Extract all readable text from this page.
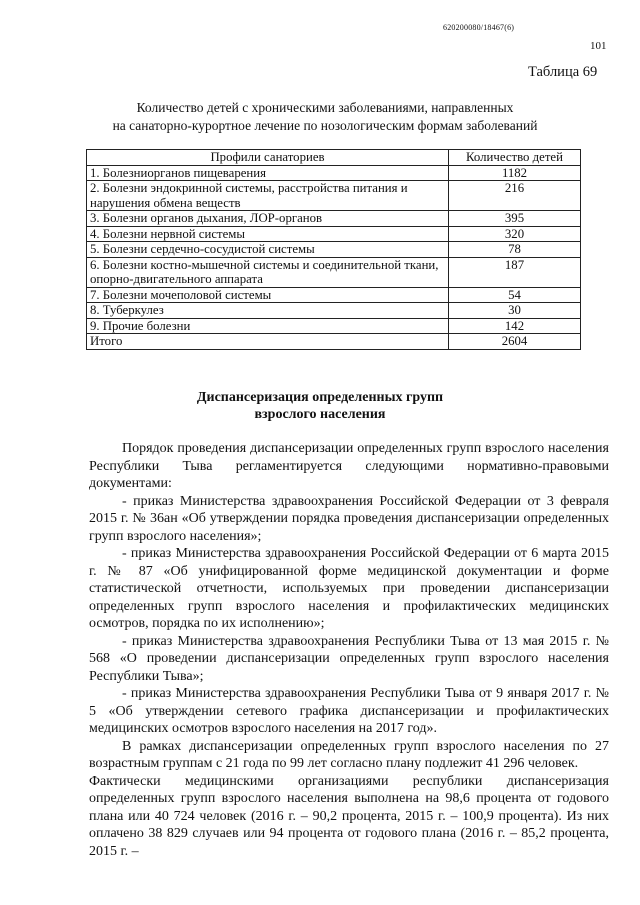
620200080/18467(6)
101
Таблица 69
Количество детей с хроническими заболеваниями, направленных
на санаторно-курортное лечение по нозологическим формам заболеваний
Профили санаториев	Количество детей
1. Болезниорганов пищеварения	1182
2. Болезни эндокринной системы, расстройства питания и нарушения обмена веществ	216
3. Болезни органов дыхания, ЛОР-органов	395
4. Болезни нервной системы	320
5. Болезни сердечно-сосудистой системы	78
6. Болезни костно-мышечной системы и соединительной ткани, опорно-двигательного аппарата	187
7. Болезни мочеполовой системы	54
8. Туберкулез	30
9. Прочие болезни	142
Итого	2604
Диспансеризация определенных групп
взрослого населения

Порядок проведения диспансеризации определенных групп взрослого населения Республики Тыва регламентируется следующими нормативно-правовыми документами:

- приказ Министерства здравоохранения Российской Федерации от 3 февраля 2015 г. № 36ан «Об утверждении порядка проведения диспансеризации определенных групп взрослого населения»;

- приказ Министерства здравоохранения Российской Федерации от 6 марта 2015 г. № 87 «Об унифицированной форме медицинской документации и форме статистической отчетности, используемых при проведении диспансеризации определенных групп взрослого населения и профилактических медицинских осмотров, порядка по их исполнению»;

- приказ Министерства здравоохранения Республики Тыва от 13 мая 2015 г. № 568 «О проведении диспансеризации определенных групп взрослого населения Республики Тыва»;

- приказ Министерства здравоохранения Республики Тыва от 9 января 2017 г. № 5 «Об утверждении сетевого графика диспансеризации и профилактических медицинских осмотров взрослого населения на 2017 год».

В рамках диспансеризации определенных групп взрослого населения по 27 возрастным группам с 21 года по 99 лет согласно плану подлежит 41 296 человек.

Фактически медицинскими организациями республики диспансеризация определенных групп взрослого населения выполнена на 98,6 процента от годового плана или 40 724 человек (2016 г. – 90,2 процента, 2015 г. – 100,9 процента). Из них оплачено 38 829 случаев или 94 процента от годового плана (2016 г. – 85,2 процента, 2015 г. –
